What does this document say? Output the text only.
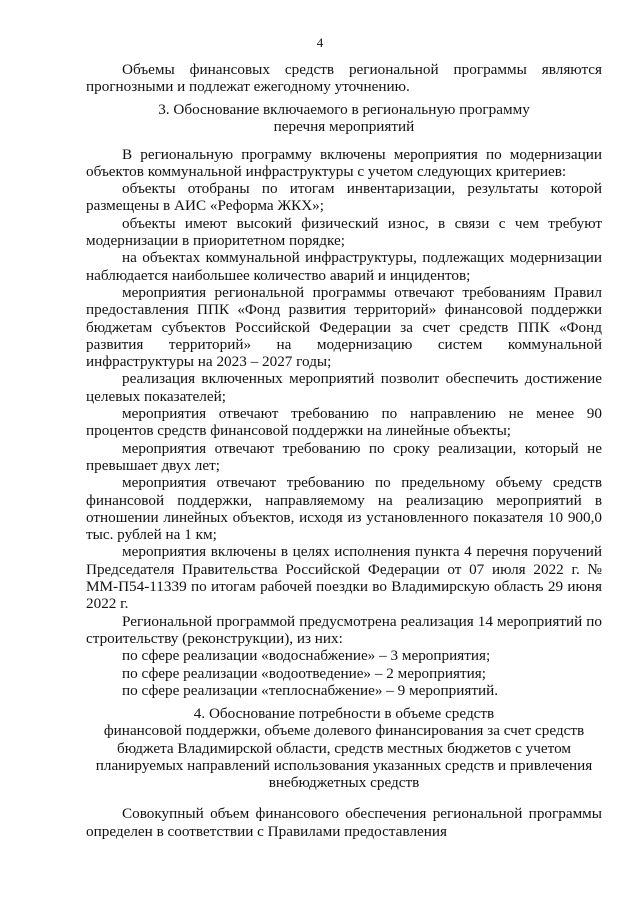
4

Объемы финансовых средств региональной программы являются прогнозными и подлежат ежегодному уточнению.

3. Обоснование включаемого в региональную программу

перечня мероприятий

В региональную программу включены мероприятия по модернизации объектов коммунальной инфраструктуры с учетом следующих критериев:

объекты отобраны по итогам инвентаризации, результаты которой размещены в АИС «Реформа ЖКХ»;

объекты имеют высокий физический износ, в связи с чем требуют модернизации в приоритетном порядке;

на объектах коммунальной инфраструктуры, подлежащих модернизации наблюдается наибольшее количество аварий и инцидентов;

мероприятия региональной программы отвечают требованиям Правил предоставления ППК «Фонд развития территорий» финансовой поддержки бюджетам субъектов Российской Федерации за счет средств ППК «Фонд развития территорий» на модернизацию систем коммунальной инфраструктуры на 2023 – 2027 годы;

реализация включенных мероприятий позволит обеспечить достижение целевых показателей;

мероприятия отвечают требованию по направлению не менее 90 процентов средств финансовой поддержки на линейные объекты;

мероприятия отвечают требованию по сроку реализации, который не превышает двух лет;

мероприятия отвечают требованию по предельному объему средств финансовой поддержки, направляемому на реализацию мероприятий в отношении линейных объектов, исходя из установленного показателя 10 900,0 тыс. рублей на 1 км;

мероприятия включены в целях исполнения пункта 4 перечня поручений Председателя Правительства Российской Федерации от 07 июля 2022 г. № ММ-П54-11339 по итогам рабочей поездки во Владимирскую область 29 июня 2022 г.

Региональной программой предусмотрена реализация 14 мероприятий по строительству (реконструкции), из них:

по сфере реализации «водоснабжение» – 3 мероприятия;

по сфере реализации «водоотведение» – 2 мероприятия;

по сфере реализации «теплоснабжение» – 9 мероприятий.

4. Обоснование потребности в объеме средств

финансовой поддержки, объеме долевого финансирования за счет средств

бюджета Владимирской области, средств местных бюджетов с учетом

планируемых направлений использования указанных средств и привлечения

внебюджетных средств

Совокупный объем финансового обеспечения региональной программы определен в соответствии с Правилами предоставления
